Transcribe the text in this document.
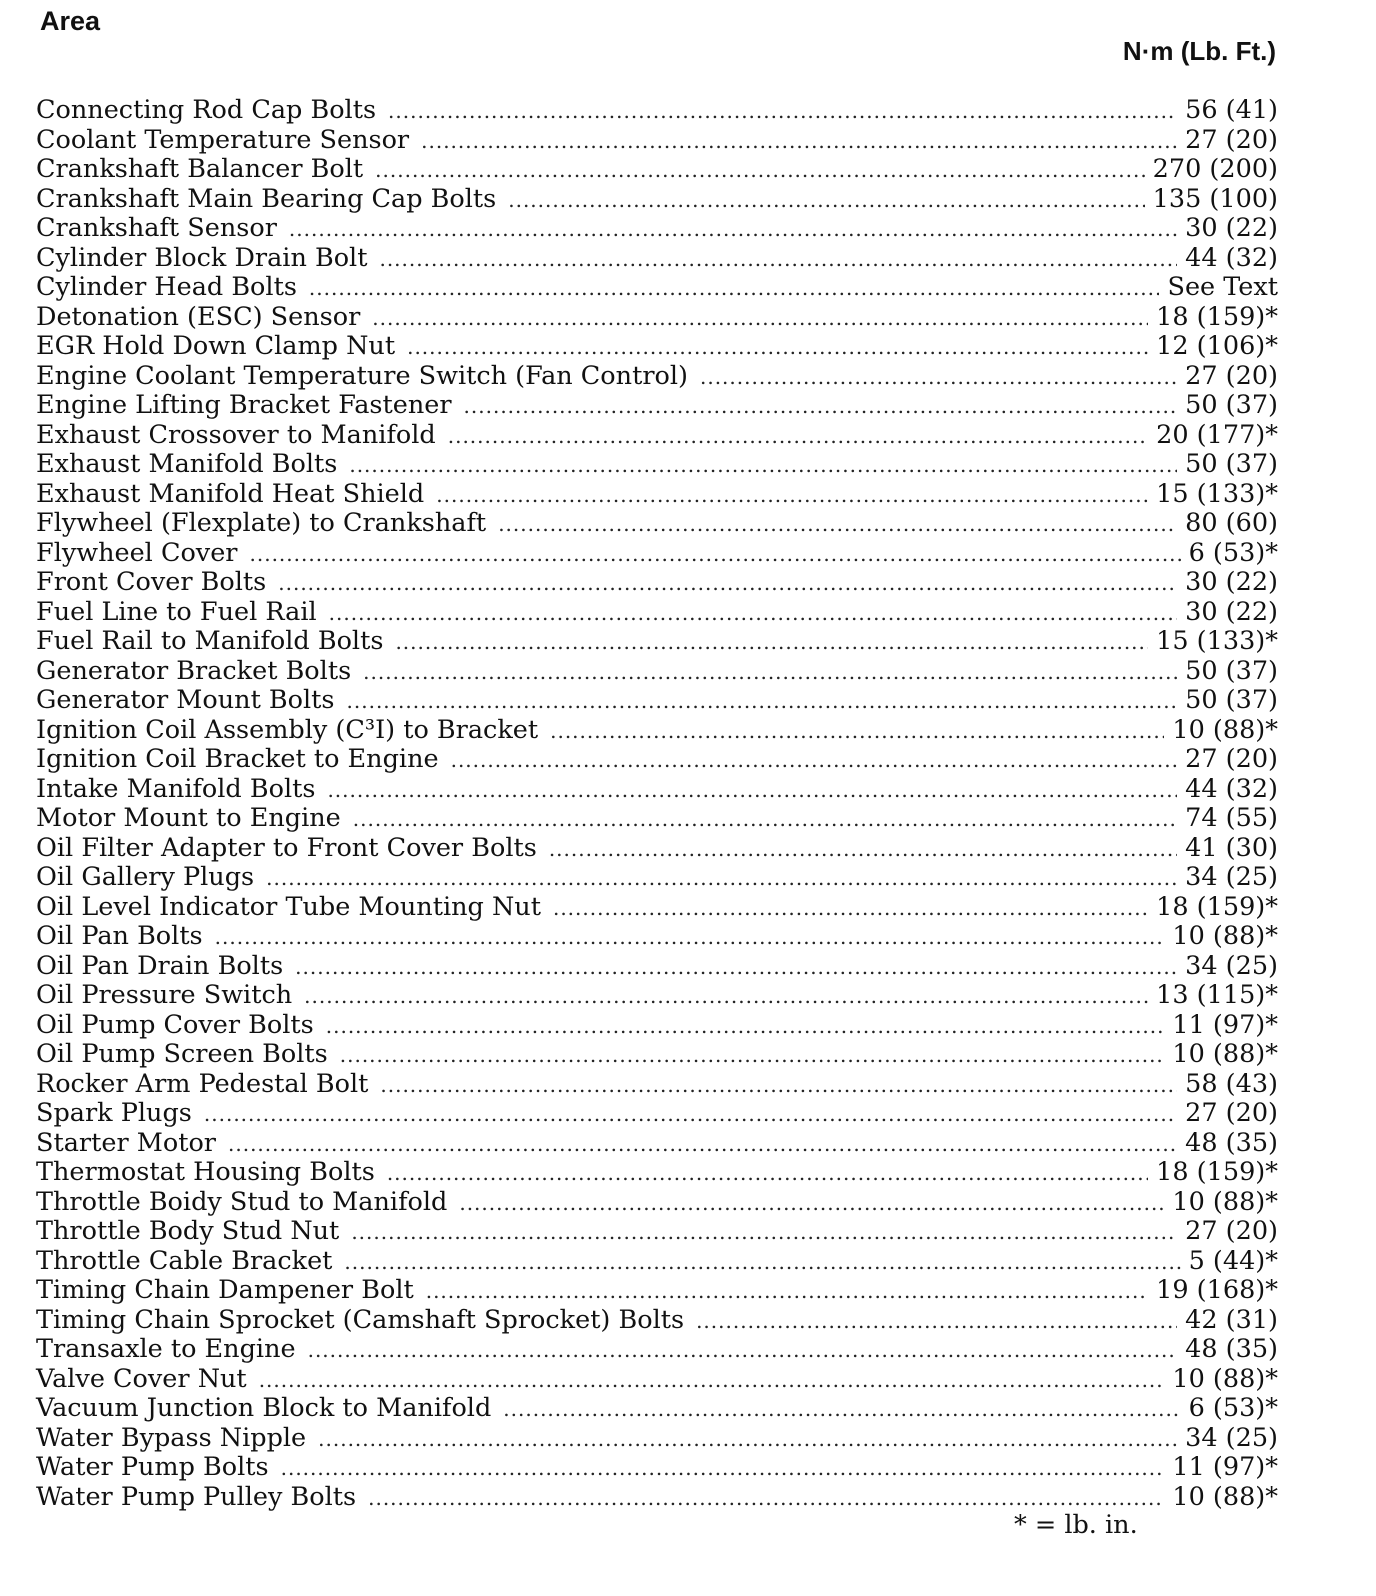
Area
N·m (Lb. Ft.)
Connecting Rod Cap Bolts .....	56 (41)
Coolant Temperature Sensor .....	27 (20)
Crankshaft Balancer Bolt .....	270 (200)
Crankshaft Main Bearing Cap Bolts .....	135 (100)
Crankshaft Sensor .....	30 (22)
Cylinder Block Drain Bolt .....	44 (32)
Cylinder Head Bolts .....	See Text
Detonation (ESC) Sensor .....	18 (159)*
EGR Hold Down Clamp Nut .....	12 (106)*
Engine Coolant Temperature Switch (Fan Control) .....	27 (20)
Engine Lifting Bracket Fastener .....	50 (37)
Exhaust Crossover to Manifold .....	20 (177)*
Exhaust Manifold Bolts .....	50 (37)
Exhaust Manifold Heat Shield .....	15 (133)*
Flywheel (Flexplate) to Crankshaft .....	80 (60)
Flywheel Cover .....	6 (53)*
Front Cover Bolts .....	30 (22)
Fuel Line to Fuel Rail .....	30 (22)
Fuel Rail to Manifold Bolts .....	15 (133)*
Generator Bracket Bolts .....	50 (37)
Generator Mount Bolts .....	50 (37)
Ignition Coil Assembly (C³I) to Bracket .....	10 (88)*
Ignition Coil Bracket to Engine .....	27 (20)
Intake Manifold Bolts .....	44 (32)
Motor Mount to Engine .....	74 (55)
Oil Filter Adapter to Front Cover Bolts .....	41 (30)
Oil Gallery Plugs .....	34 (25)
Oil Level Indicator Tube Mounting Nut .....	18 (159)*
Oil Pan Bolts .....	10 (88)*
Oil Pan Drain Bolts .....	34 (25)
Oil Pressure Switch .....	13 (115)*
Oil Pump Cover Bolts .....	11 (97)*
Oil Pump Screen Bolts .....	10 (88)*
Rocker Arm Pedestal Bolt .....	58 (43)
Spark Plugs .....	27 (20)
Starter Motor .....	48 (35)
Thermostat Housing Bolts .....	18 (159)*
Throttle Boidy Stud to Manifold .....	10 (88)*
Throttle Body Stud Nut .....	27 (20)
Throttle Cable Bracket .....	5 (44)*
Timing Chain Dampener Bolt .....	19 (168)*
Timing Chain Sprocket (Camshaft Sprocket) Bolts .....	42 (31)
Transaxle to Engine .....	48 (35)
Valve Cover Nut .....	10 (88)*
Vacuum Junction Block to Manifold .....	6 (53)*
Water Bypass Nipple .....	34 (25)
Water Pump Bolts .....	11 (97)*
Water Pump Pulley Bolts .....	10 (88)*
* = lb. in.
